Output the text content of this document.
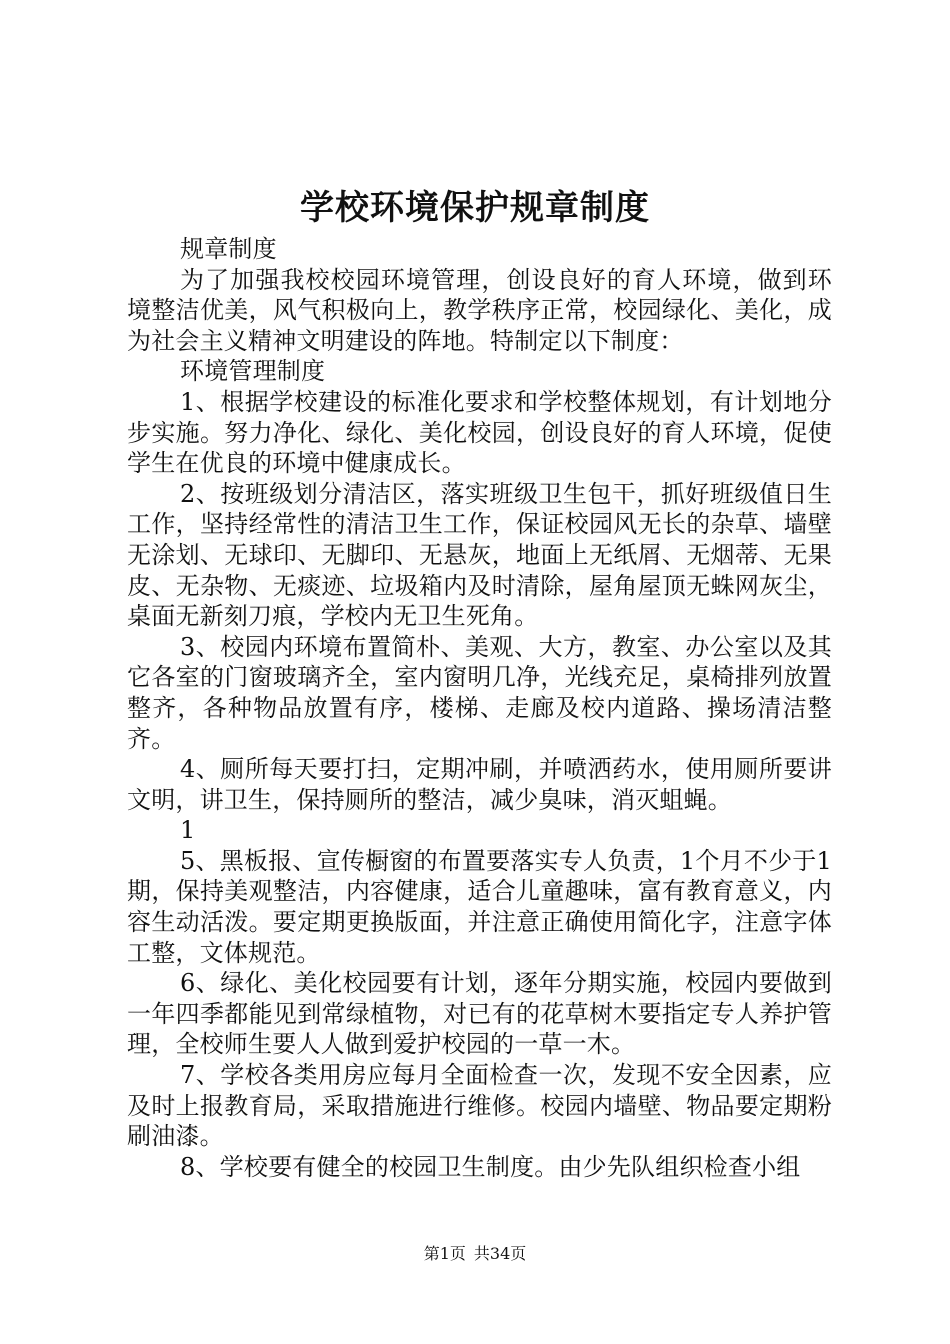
学校环境保护规章制度

规章制度

为了加强我校校园环境管理，创设良好的育人环境，做到环境整洁优美，风气积极向上，教学秩序正常，校园绿化、美化，成为社会主义精神文明建设的阵地。特制定以下制度：

环境管理制度

1、根据学校建设的标准化要求和学校整体规划，有计划地分步实施。努力净化、绿化、美化校园，创设良好的育人环境，促使学生在优良的环境中健康成长。

2、按班级划分清洁区，落实班级卫生包干，抓好班级值日生工作，坚持经常性的清洁卫生工作，保证校园风无长的杂草、墙壁无涂划、无球印、无脚印、无悬灰，地面上无纸屑、无烟蒂、无果皮、无杂物、无痰迹、垃圾箱内及时清除，屋角屋顶无蛛网灰尘，桌面无新刻刀痕，学校内无卫生死角。

3、校园内环境布置简朴、美观、大方，教室、办公室以及其它各室的门窗玻璃齐全，室内窗明几净，光线充足，桌椅排列放置整齐，各种物品放置有序，楼梯、走廊及校内道路、操场清洁整齐。

4、厕所每天要打扫，定期冲刷，并喷洒药水，使用厕所要讲文明，讲卫生，保持厕所的整洁，减少臭味，消灭蛆蝇。

1

5、黑板报、宣传橱窗的布置要落实专人负责，1个月不少于1期，保持美观整洁，内容健康，适合儿童趣味，富有教育意义，内容生动活泼。要定期更换版面，并注意正确使用简化字，注意字体工整，文体规范。

6、绿化、美化校园要有计划，逐年分期实施，校园内要做到一年四季都能见到常绿植物，对已有的花草树木要指定专人养护管理，全校师生要人人做到爱护校园的一草一木。

7、学校各类用房应每月全面检查一次，发现不安全因素，应及时上报教育局，采取措施进行维修。校园内墙壁、物品要定期粉刷油漆。

8、学校要有健全的校园卫生制度。由少先队组织检查小组

第1页 共34页
